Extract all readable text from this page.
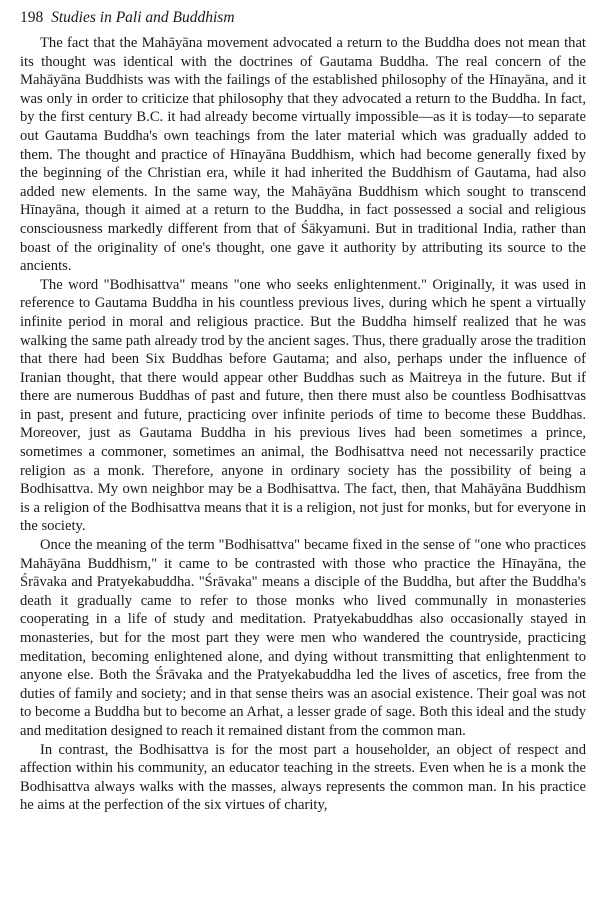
198 Studies in Pali and Buddhism

The fact that the Mahāyāna movement advocated a return to the Buddha does not mean that its thought was identical with the doctrines of Gautama Buddha. The real concern of the Mahāyāna Buddhists was with the failings of the established philosophy of the Hīnayāna, and it was only in order to criticize that philosophy that they advocated a return to the Buddha. In fact, by the first century B.C. it had already become virtually impossible—as it is today—to separate out Gautama Buddha's own teachings from the later material which was gradually added to them. The thought and practice of Hīnayāna Buddhism, which had become generally fixed by the beginning of the Christian era, while it had inherited the Buddhism of Gautama, had also added new elements. In the same way, the Mahāyāna Buddhism which sought to transcend Hīnayāna, though it aimed at a return to the Buddha, in fact possessed a social and religious consciousness markedly different from that of Śākyamuni. But in traditional India, rather than boast of the originality of one's thought, one gave it authority by attributing its source to the ancients.

The word "Bodhisattva" means "one who seeks enlightenment." Originally, it was used in reference to Gautama Buddha in his countless previous lives, during which he spent a virtually infinite period in moral and religious practice. But the Buddha himself realized that he was walking the same path already trod by the ancient sages. Thus, there gradually arose the tradition that there had been Six Buddhas before Gautama; and also, perhaps under the influence of Iranian thought, that there would appear other Buddhas such as Maitreya in the future. But if there are numerous Buddhas of past and future, then there must also be countless Bodhisattvas in past, present and future, practicing over infinite periods of time to become these Buddhas. Moreover, just as Gautama Buddha in his previous lives had been sometimes a prince, sometimes a commoner, sometimes an animal, the Bodhisattva need not necessarily practice religion as a monk. Therefore, anyone in ordinary society has the possibility of being a Bodhisattva. My own neighbor may be a Bodhisattva. The fact, then, that Mahāyāna Buddhism is a religion of the Bodhisattva means that it is a religion, not just for monks, but for everyone in the society.

Once the meaning of the term "Bodhisattva" became fixed in the sense of "one who practices Mahāyāna Buddhism," it came to be contrasted with those who practice the Hīnayāna, the Śrāvaka and Pratyekabuddha. "Śrāvaka" means a disciple of the Buddha, but after the Buddha's death it gradually came to refer to those monks who lived communally in monasteries cooperating in a life of study and meditation. Pratyekabuddhas also occasionally stayed in monasteries, but for the most part they were men who wandered the countryside, practicing meditation, becoming enlightened alone, and dying without transmitting that enlightenment to anyone else. Both the Śrāvaka and the Pratyekabuddha led the lives of ascetics, free from the duties of family and society; and in that sense theirs was an asocial existence. Their goal was not to become a Buddha but to become an Arhat, a lesser grade of sage. Both this ideal and the study and meditation designed to reach it remained distant from the common man.

In contrast, the Bodhisattva is for the most part a householder, an object of respect and affection within his community, an educator teaching in the streets. Even when he is a monk the Bodhisattva always walks with the masses, always represents the common man. In his practice he aims at the perfection of the six virtues of charity,
